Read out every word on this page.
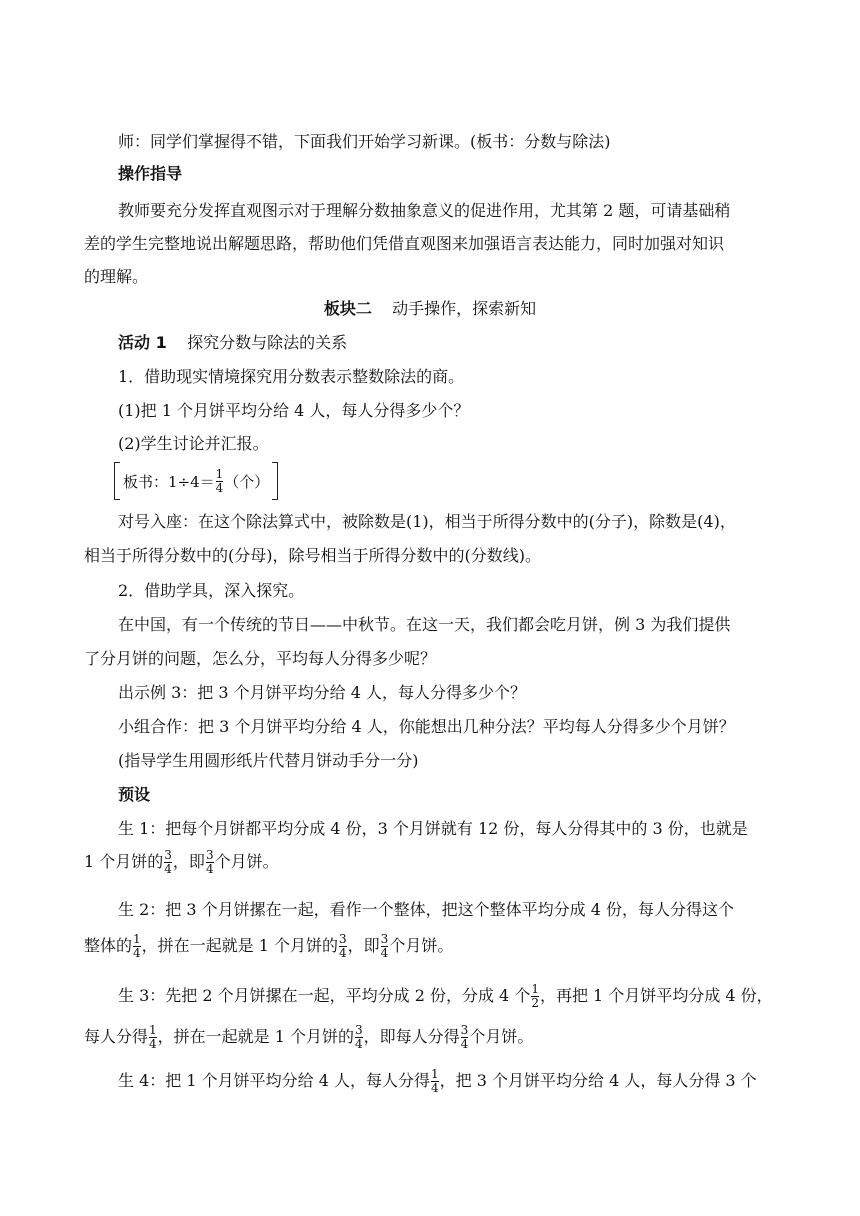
师：同学们掌握得不错，下面我们开始学习新课。(板书：分数与除法)
操作指导
教师要充分发挥直观图示对于理解分数抽象意义的促进作用，尤其第 2 题，可请基础稍
差的学生完整地说出解题思路，帮助他们凭借直观图来加强语言表达能力，同时加强对知识
的理解。
板块二 动手操作，探索新知
活动 1 探究分数与除法的关系
1．借助现实情境探究用分数表示整数除法的商。
(1)把 1 个月饼平均分给 4 人，每人分得多少个？
(2)学生讨论并汇报。
板书：$1\div 4= \frac{1}{4}$ （个）
对号入座：在这个除法算式中，被除数是(1)，相当于所得分数中的(分子)，除数是(4)，
相当于所得分数中的(分母)，除号相当于所得分数中的(分数线)。
2．借助学具，深入探究。
在中国，有一个传统的节日——中秋节。在这一天，我们都会吃月饼，例 3 为我们提供
了分月饼的问题，怎么分，平均每人分得多少呢？
出示例 3：把 3 个月饼平均分给 4 人，每人分得多少个？
小组合作：把 3 个月饼平均分给 4 人，你能想出几种分法？平均每人分得多少个月饼？
(指导学生用圆形纸片代替月饼动手分一分)
预设
生 1：把每个月饼都平均分成 4 份，3 个月饼就有 12 份，每人分得其中的 3 份，也就是
1 个月饼的 $\frac{3}{4}$ ，即 $\frac{3}{4}$ 个月饼。
生 2：把 3 个月饼摞在一起，看作一个整体，把这个整体平均分成 4 份，每人分得这个
整体的 $\frac{1}{4}$ ，拼在一起就是 1 个月饼的 $\frac{3}{4}$ ，即 $\frac{3}{4}$ 个月饼。
生 3：先把 2 个月饼摞在一起，平均分成 2 份，分成 4 个 $\frac{1}{2}$ ，再把 1 个月饼平均分成 4 份，
每人分得 $\frac{1}{4}$ ，拼在一起就是 1 个月饼的 $\frac{3}{4}$ ，即每人分得 $\frac{3}{4}$ 个月饼。
生 4：把 1 个月饼平均分给 4 人，每人分得 $\frac{1}{4}$ ，把 3 个月饼平均分给 4 人，每人分得 3 个
